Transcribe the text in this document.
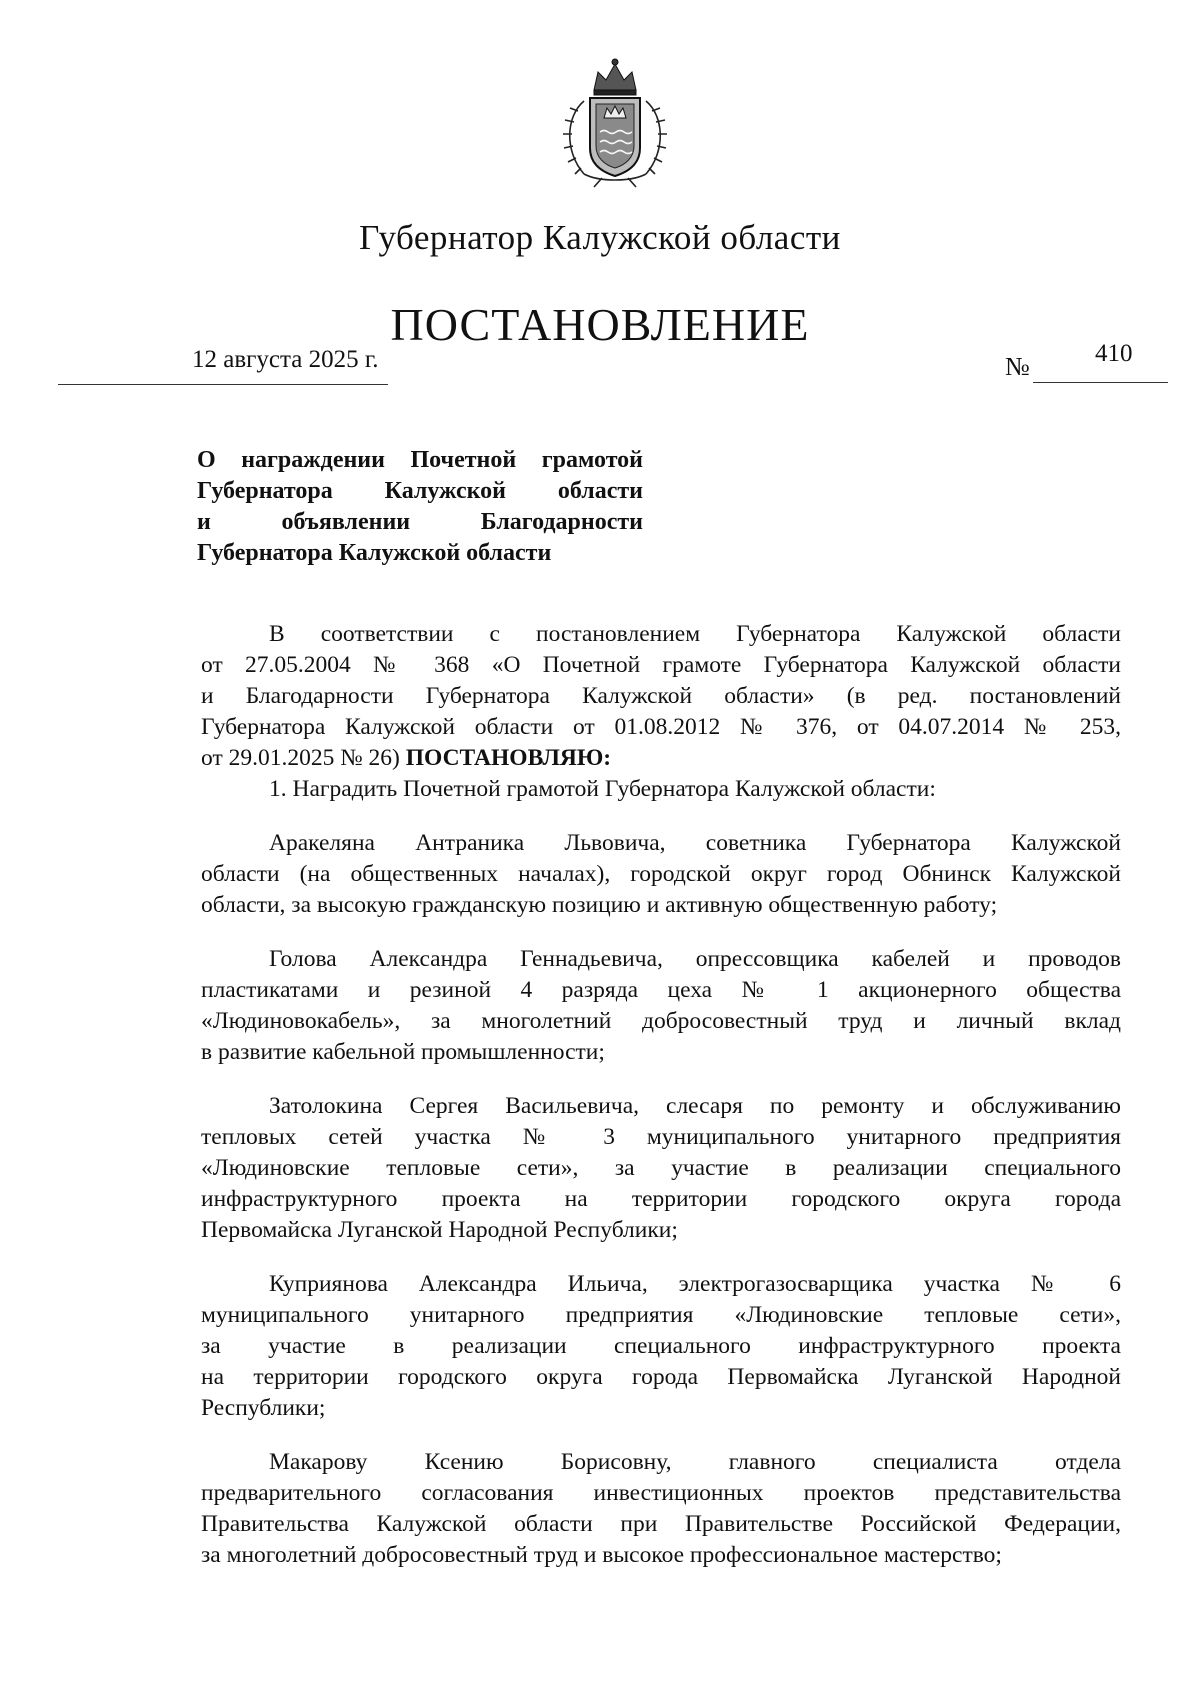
Губернатор Калужской области
ПОСТАНОВЛЕНИЕ
12 августа 2025 г.	№	410
О награждении Почетной грамотой
Губернатора Калужской области
и объявлении Благодарности
Губернатора Калужской области

В соответствии с постановлением Губернатора Калужской области
от 27.05.2004 № 368 «О Почетной грамоте Губернатора Калужской области
и Благодарности Губернатора Калужской области» (в ред. постановлений
Губернатора Калужской области от 01.08.2012 № 376, от 04.07.2014 № 253,
от 29.01.2025 № 26) ПОСТАНОВЛЯЮ:

1. Наградить Почетной грамотой Губернатора Калужской области:

Аракеляна Антраника Львовича, советника Губернатора Калужской
области (на общественных началах), городской округ город Обнинск Калужской
области, за высокую гражданскую позицию и активную общественную работу;

Голова Александра Геннадьевича, опрессовщика кабелей и проводов
пластикатами и резиной 4 разряда цеха № 1 акционерного общества
«Людиновокабель», за многолетний добросовестный труд и личный вклад
в развитие кабельной промышленности;

Затолокина Сергея Васильевича, слесаря по ремонту и обслуживанию
тепловых сетей участка № 3 муниципального унитарного предприятия
«Людиновские тепловые сети», за участие в реализации специального
инфраструктурного проекта на территории городского округа города
Первомайска Луганской Народной Республики;

Куприянова Александра Ильича, электрогазосварщика участка № 6
муниципального унитарного предприятия «Людиновские тепловые сети»,
за участие в реализации специального инфраструктурного проекта
на территории городского округа города Первомайска Луганской Народной
Республики;

Макарову Ксению Борисовну, главного специалиста отдела
предварительного согласования инвестиционных проектов представительства
Правительства Калужской области при Правительстве Российской Федерации,
за многолетний добросовестный труд и высокое профессиональное мастерство;
